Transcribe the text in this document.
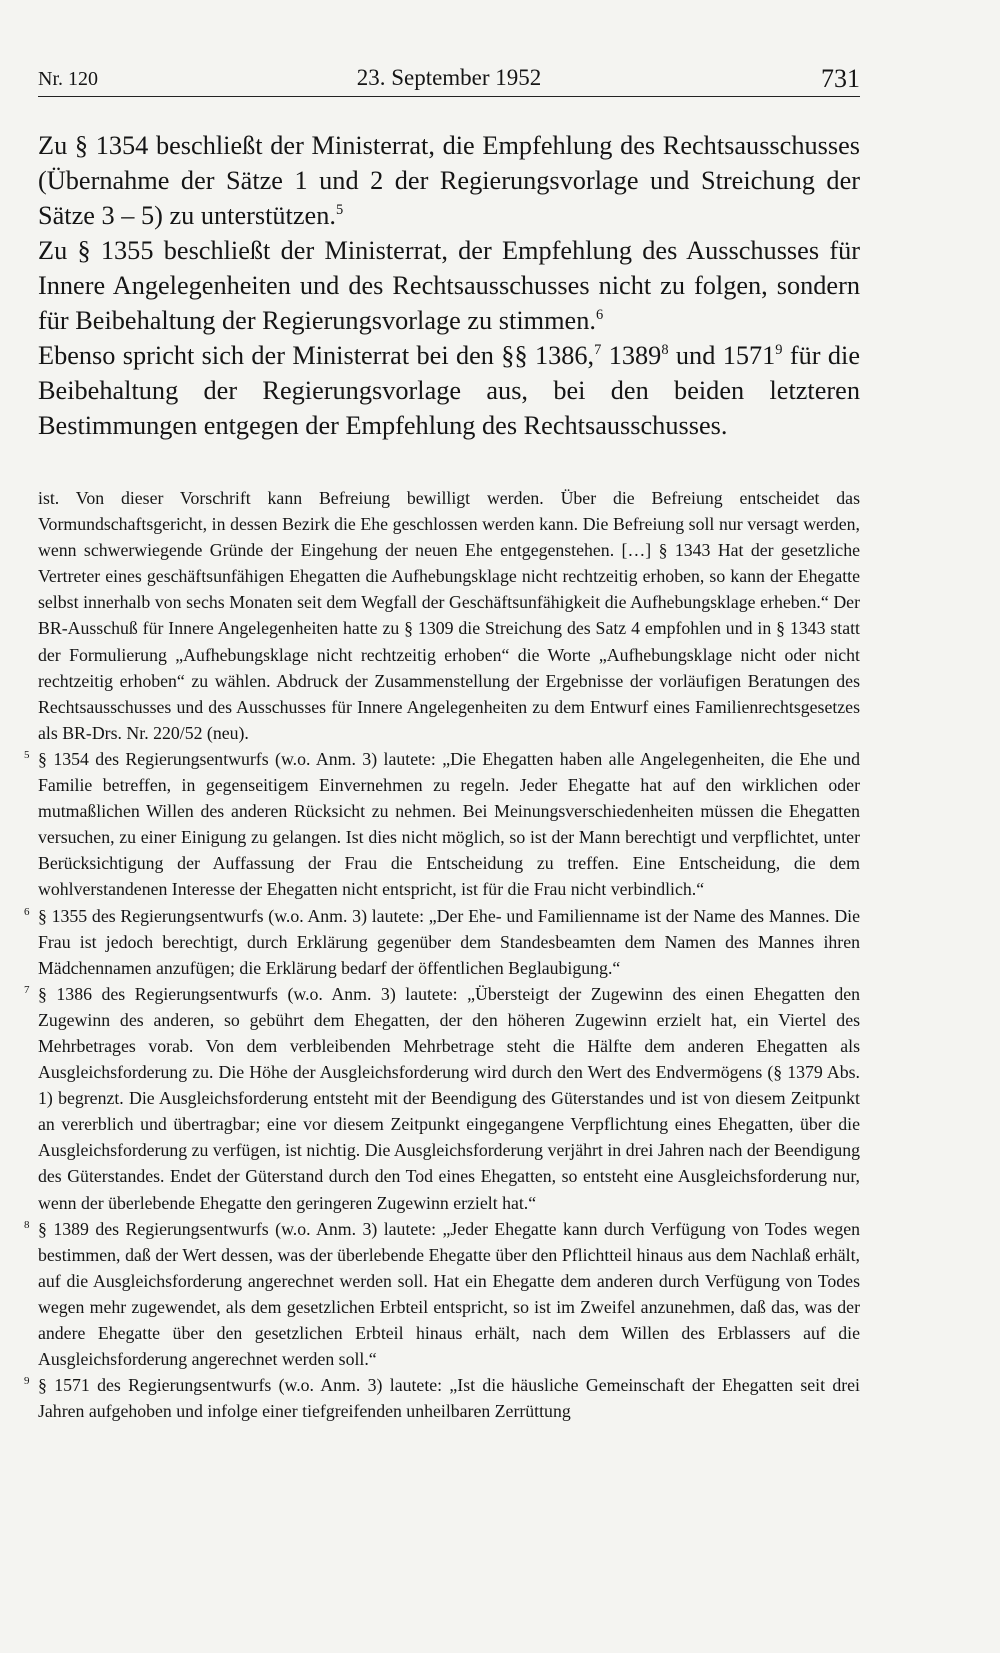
Nr. 120	23. September 1952	731

Zu § 1354 beschließt der Ministerrat, die Empfehlung des Rechtsausschusses (Übernahme der Sätze 1 und 2 der Regierungsvorlage und Streichung der Sätze 3 – 5) zu unterstützen.$^5$

Zu § 1355 beschließt der Ministerrat, der Empfehlung des Ausschusses für Innere Angelegenheiten und des Rechtsausschusses nicht zu folgen, sondern für Beibehaltung der Regierungsvorlage zu stimmen.$^6$

Ebenso spricht sich der Ministerrat bei den §§ 1386,$^7$ 1389$^8$ und 1571$^9$ für die Beibehaltung der Regierungsvorlage aus, bei den beiden letzteren Bestimmungen entgegen der Empfehlung des Rechtsausschusses.

ist. Von dieser Vorschrift kann Befreiung bewilligt werden. Über die Befreiung entscheidet das Vormundschaftsgericht, in dessen Bezirk die Ehe geschlossen werden kann. Die Befreiung soll nur versagt werden, wenn schwerwiegende Gründe der Eingehung der neuen Ehe entgegenstehen. […] § 1343 Hat der gesetzliche Vertreter eines geschäftsunfähigen Ehegatten die Aufhebungsklage nicht rechtzeitig erhoben, so kann der Ehegatte selbst innerhalb von sechs Monaten seit dem Wegfall der Geschäftsunfähigkeit die Aufhebungsklage erheben.“ Der BR-Ausschuß für Innere Angelegenheiten hatte zu § 1309 die Streichung des Satz 4 empfohlen und in § 1343 statt der Formulierung „Aufhebungsklage nicht rechtzeitig erhoben“ die Worte „Aufhebungsklage nicht oder nicht rechtzeitig erhoben“ zu wählen. Abdruck der Zusammenstellung der Ergebnisse der vorläufigen Beratungen des Rechtsausschusses und des Ausschusses für Innere Angelegenheiten zu dem Entwurf eines Familienrechtsgesetzes als BR-Drs. Nr. 220/52 (neu).

5 § 1354 des Regierungsentwurfs (w.o. Anm. 3) lautete: „Die Ehegatten haben alle Angelegenheiten, die Ehe und Familie betreffen, in gegenseitigem Einvernehmen zu regeln. Jeder Ehegatte hat auf den wirklichen oder mutmaßlichen Willen des anderen Rücksicht zu nehmen. Bei Meinungsverschiedenheiten müssen die Ehegatten versuchen, zu einer Einigung zu gelangen. Ist dies nicht möglich, so ist der Mann berechtigt und verpflichtet, unter Berücksichtigung der Auffassung der Frau die Entscheidung zu treffen. Eine Entscheidung, die dem wohlverstandenen Interesse der Ehegatten nicht entspricht, ist für die Frau nicht verbindlich.“

6 § 1355 des Regierungsentwurfs (w.o. Anm. 3) lautete: „Der Ehe- und Familienname ist der Name des Mannes. Die Frau ist jedoch berechtigt, durch Erklärung gegenüber dem Standesbeamten dem Namen des Mannes ihren Mädchennamen anzufügen; die Erklärung bedarf der öffentlichen Beglaubigung.“

7 § 1386 des Regierungsentwurfs (w.o. Anm. 3) lautete: „Übersteigt der Zugewinn des einen Ehegatten den Zugewinn des anderen, so gebührt dem Ehegatten, der den höheren Zugewinn erzielt hat, ein Viertel des Mehrbetrages vorab. Von dem verbleibenden Mehrbetrage steht die Hälfte dem anderen Ehegatten als Ausgleichsforderung zu. Die Höhe der Ausgleichsforderung wird durch den Wert des Endvermögens (§ 1379 Abs. 1) begrenzt. Die Ausgleichsforderung entsteht mit der Beendigung des Güterstandes und ist von diesem Zeitpunkt an vererblich und übertragbar; eine vor diesem Zeitpunkt eingegangene Verpflichtung eines Ehegatten, über die Ausgleichsforderung zu verfügen, ist nichtig. Die Ausgleichsforderung verjährt in drei Jahren nach der Beendigung des Güterstandes. Endet der Güterstand durch den Tod eines Ehegatten, so entsteht eine Ausgleichsforderung nur, wenn der überlebende Ehegatte den geringeren Zugewinn erzielt hat.“

8 § 1389 des Regierungsentwurfs (w.o. Anm. 3) lautete: „Jeder Ehegatte kann durch Verfügung von Todes wegen bestimmen, daß der Wert dessen, was der überlebende Ehegatte über den Pflichtteil hinaus aus dem Nachlaß erhält, auf die Ausgleichsforderung angerechnet werden soll. Hat ein Ehegatte dem anderen durch Verfügung von Todes wegen mehr zugewendet, als dem gesetzlichen Erbteil entspricht, so ist im Zweifel anzunehmen, daß das, was der andere Ehegatte über den gesetzlichen Erbteil hinaus erhält, nach dem Willen des Erblassers auf die Ausgleichsforderung angerechnet werden soll.“

9 § 1571 des Regierungsentwurfs (w.o. Anm. 3) lautete: „Ist die häusliche Gemeinschaft der Ehegatten seit drei Jahren aufgehoben und infolge einer tiefgreifenden unheilbaren Zerrüttung
